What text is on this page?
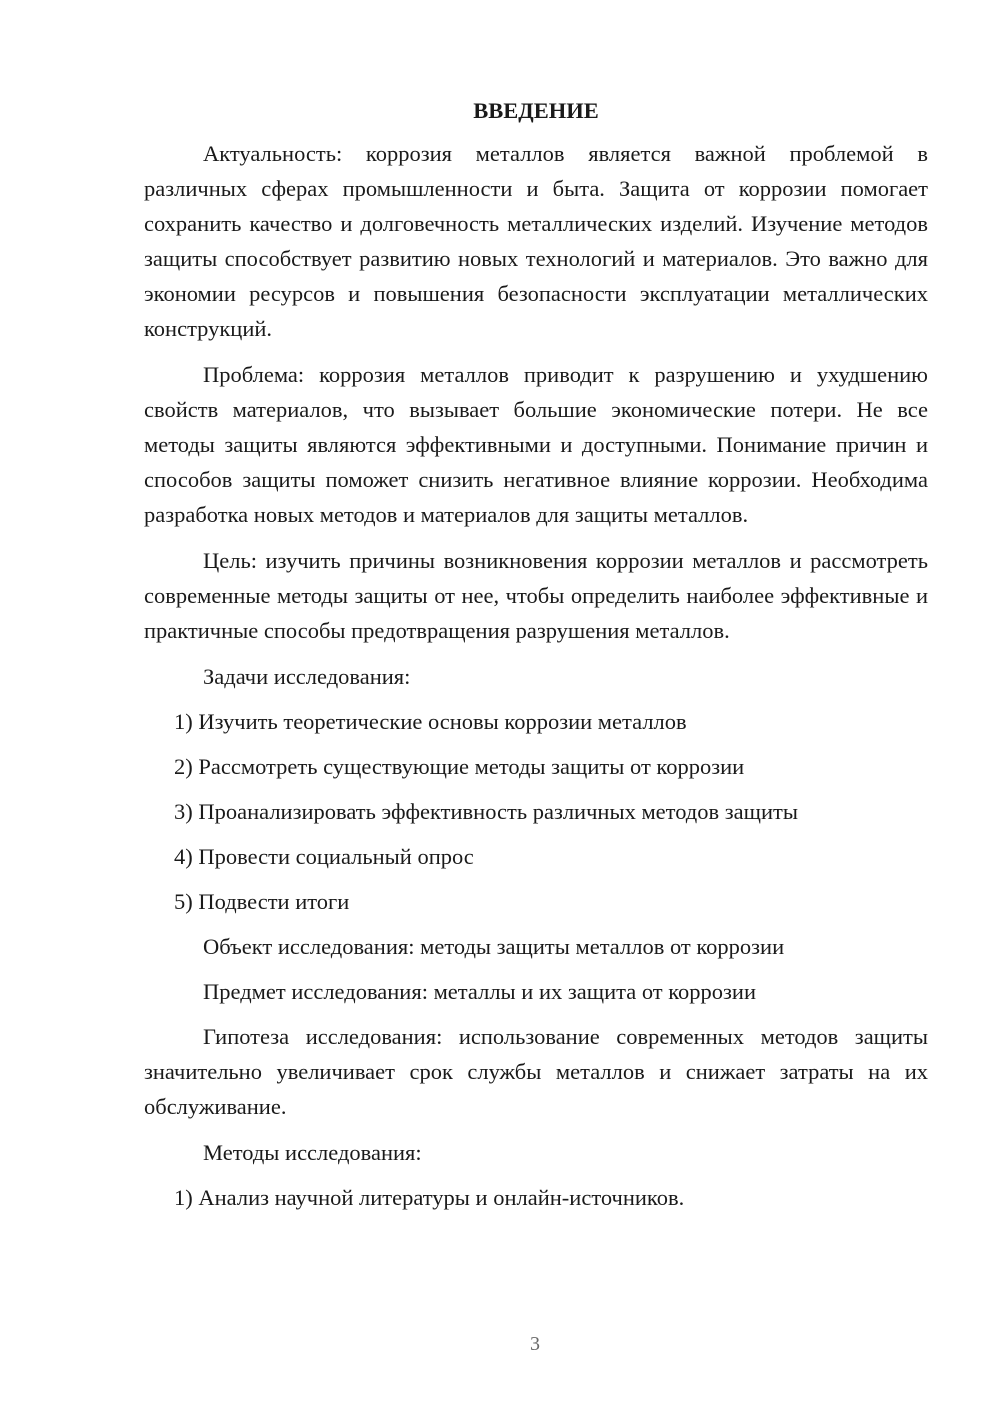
ВВЕДЕНИЕ
Актуальность: коррозия металлов является важной проблемой в различных сферах промышленности и быта. Защита от коррозии помогает сохранить качество и долговечность металлических изделий. Изучение методов защиты способствует развитию новых технологий и материалов. Это важно для экономии ресурсов и повышения безопасности эксплуатации металлических конструкций.
Проблема: коррозия металлов приводит к разрушению и ухудшению свойств материалов, что вызывает большие экономические потери. Не все методы защиты являются эффективными и доступными. Понимание причин и способов защиты поможет снизить негативное влияние коррозии. Необходима разработка новых методов и материалов для защиты металлов.
Цель: изучить причины возникновения коррозии металлов и рассмотреть современные методы защиты от нее, чтобы определить наиболее эффективные и практичные способы предотвращения разрушения металлов.
Задачи исследования:
1) Изучить теоретические основы коррозии металлов
2) Рассмотреть существующие методы защиты от коррозии
3) Проанализировать эффективность различных методов защиты
4) Провести социальный опрос
5) Подвести итоги
Объект исследования: методы защиты металлов от коррозии
Предмет исследования: металлы и их защита от коррозии
Гипотеза исследования: использование современных методов защиты значительно увеличивает срок службы металлов и снижает затраты на их обслуживание.
Методы исследования:
1) Анализ научной литературы и онлайн-источников.
3
